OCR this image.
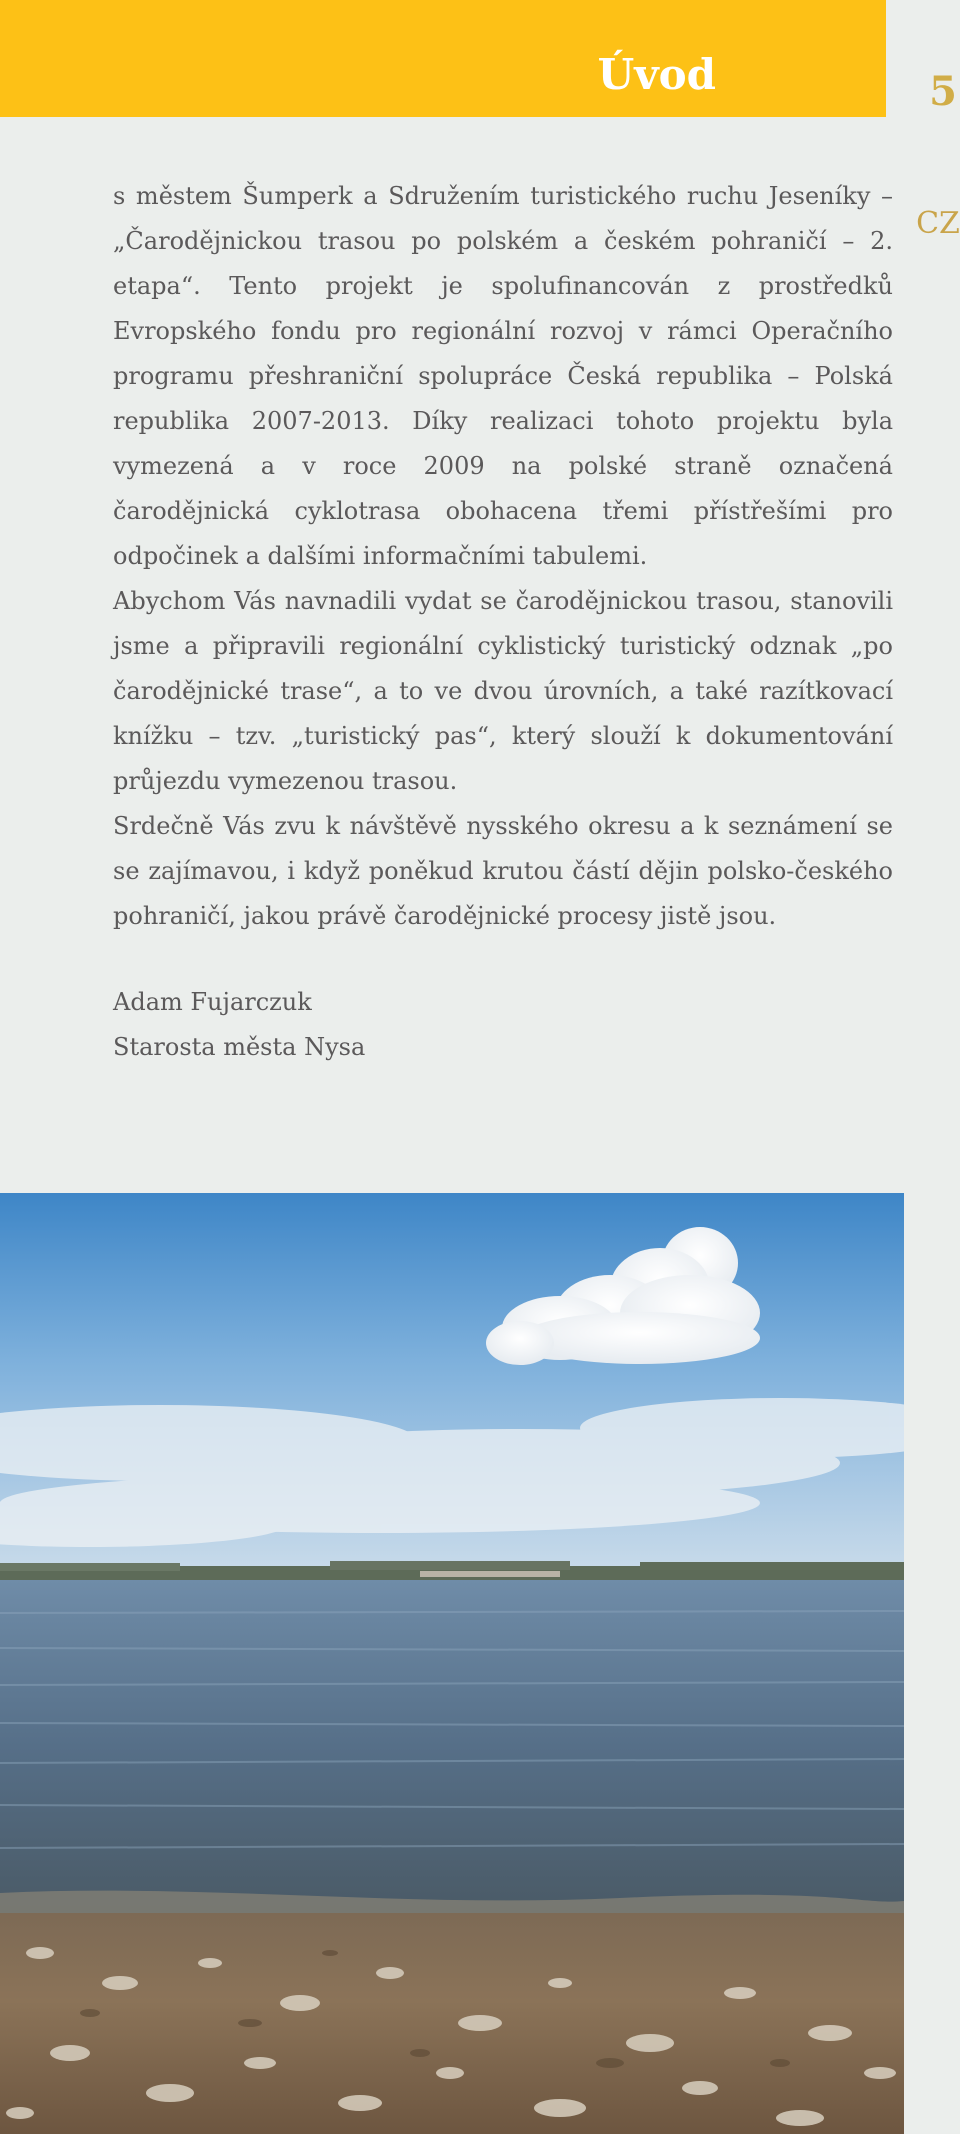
Úvod	5
CZ

s městem Šumperk a Sdružením turistického ruchu Jeseníky – „Čarodějnickou trasou po polském a českém pohraničí – 2. etapa“. Tento projekt je spolufinancován z prostředků Evropského fondu pro regionální rozvoj v rámci Operačního programu přeshraniční spolupráce Česká republika – Polská republika 2007-2013. Díky realizaci tohoto projektu byla vymezená a v roce 2009 na polské straně označená čarodějnická cyklotrasa obohacena třemi přístřešími pro odpočinek a dalšími informačními tabulemi.

Abychom Vás navnadili vydat se čarodějnickou trasou, stanovili jsme a připravili regionální cyklistický turistický odznak „po čarodějnické trase“, a to ve dvou úrovních, a také razítkovací knížku – tzv. „turistický pas“, který slouží k dokumentování průjezdu vymezenou trasou.

Srdečně Vás zvu k návštěvě nysského okresu a k seznámení se se zajímavou, i když poněkud krutou částí dějin polsko-českého pohraničí, jakou právě čarodějnické procesy jistě jsou.

Adam Fujarczuk
Starosta města Nysa
